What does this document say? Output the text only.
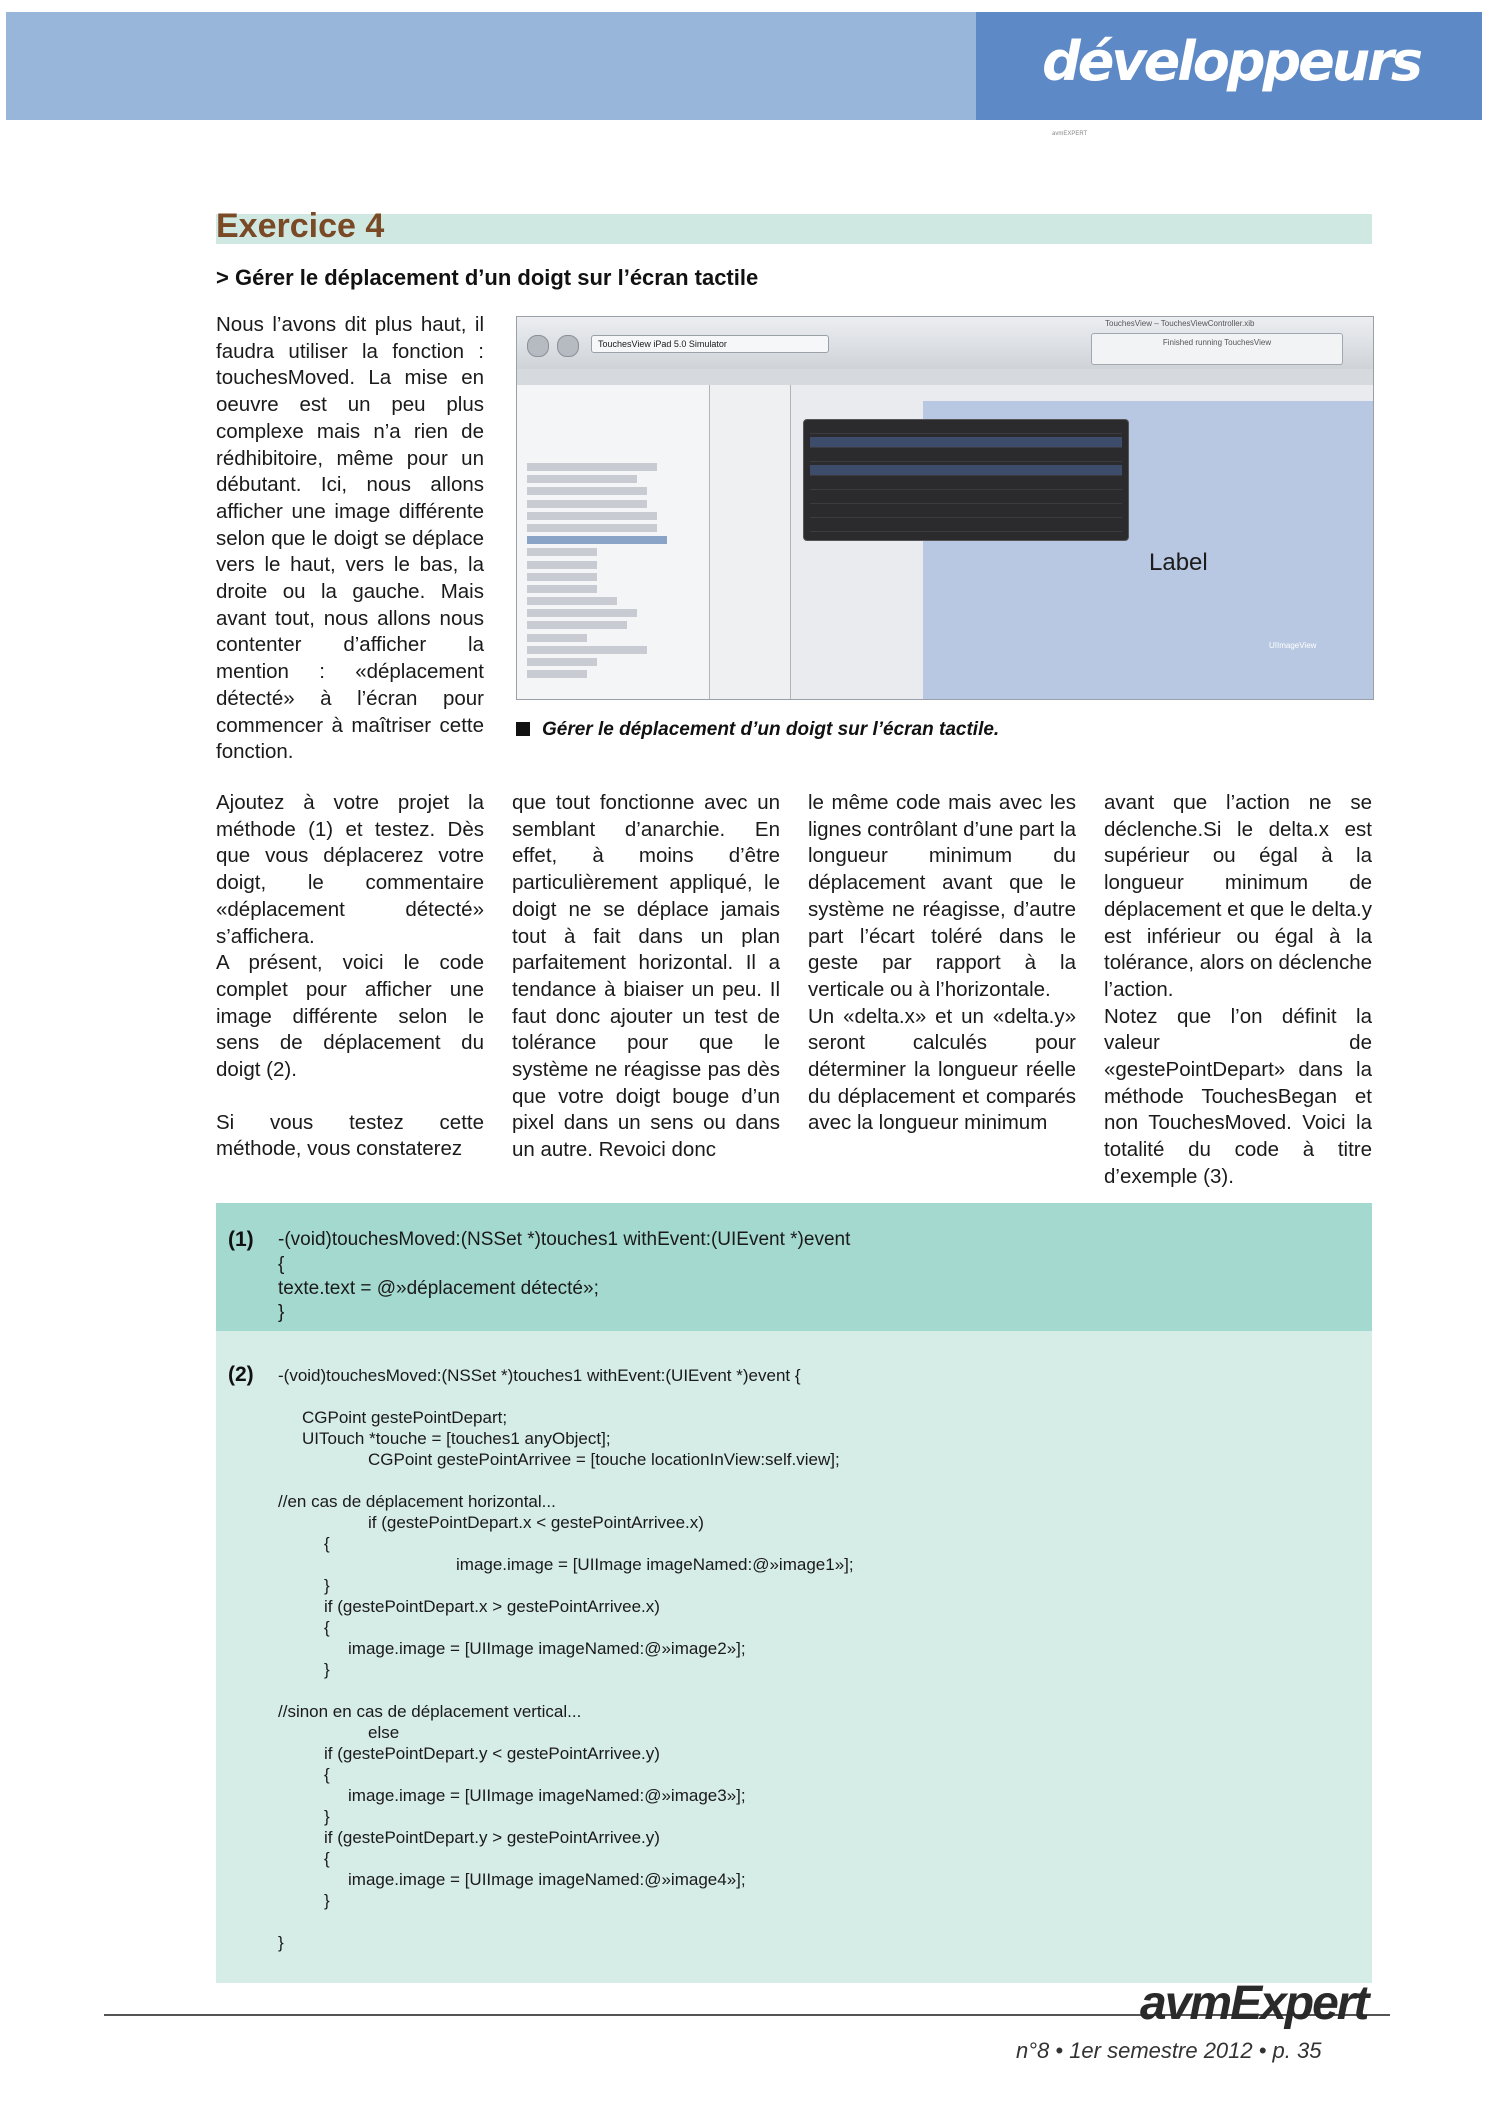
développeurs
avmEXPERT
Exercice 4
> Gérer le déplacement d’un doigt sur l’écran tactile
Nous l’avons dit plus haut, il faudra utiliser la fonction : touchesMoved. La mise en oeuvre est un peu plus complexe mais n’a rien de rédhibitoire, même pour un débutant. Ici, nous allons afficher une image différente selon que le doigt se déplace vers le haut, vers le bas, la droite ou la gauche. Mais avant tout, nous allons nous contenter d’afficher la mention : «déplacement détecté» à l’écran pour commencer à maîtriser cette fonction.
TouchesView iPad 5.0 Simulator	Finished running TouchesView
TouchesView – TouchesViewController.xib
Label
UIImageView
Gérer le déplacement d’un doigt sur l’écran tactile.

Ajoutez à votre projet la méthode (1) et testez. Dès que vous déplacerez votre doigt, le commentaire «déplacement détecté» s’affichera.

A présent, voici le code complet pour afficher une image différente selon le sens de déplacement du doigt (2).

Si vous testez cette méthode, vous constaterez

que tout fonctionne avec un semblant d’anarchie. En effet, à moins d’être particulièrement appliqué, le doigt ne se déplace jamais tout à fait dans un plan parfaitement horizontal. Il a tendance à biaiser un peu. Il faut donc ajouter un test de tolérance pour que le système ne réagisse pas dès que votre doigt bouge d’un pixel dans un sens ou dans un autre. Revoici donc

le même code mais avec les lignes contrôlant d’une part la longueur minimum du déplacement avant que le système ne réagisse, d’autre part l’écart toléré dans le geste par rapport à la verticale ou à l’horizontale.

Un «delta.x» et un «delta.y» seront calculés pour déterminer la longueur réelle du déplacement et comparés avec la longueur minimum

avant que l’action ne se déclenche.Si le delta.x est supérieur ou égal à la longueur minimum de déplacement et que le delta.y est inférieur ou égal à la tolérance, alors on déclenche l’action.

Notez que l’on définit la valeur de «gestePointDepart» dans la méthode TouchesBegan et non TouchesMoved. Voici la totalité du code à titre d’exemple (3).

(1) -(void)touchesMoved:(NSSet *)touches1 withEvent:(UIEvent *)event
{
texte.text = @»déplacement détecté»;
}
(2) -(void)touchesMoved:(NSSet *)touches1 withEvent:(UIEvent *)event {
CGPoint gestePointDepart;
UITouch *touche = [touches1 anyObject];
CGPoint gestePointArrivee = [touche locationInView:self.view];
//en cas de déplacement horizontal...
if (gestePointDepart.x < gestePointArrivee.x)
{
image.image = [UIImage imageNamed:@»image1»];
}
if (gestePointDepart.x > gestePointArrivee.x)
{
image.image = [UIImage imageNamed:@»image2»];
}
//sinon en cas de déplacement vertical...
else
if (gestePointDepart.y < gestePointArrivee.y)
{
image.image = [UIImage imageNamed:@»image3»];
}
if (gestePointDepart.y > gestePointArrivee.y)
{
image.image = [UIImage imageNamed:@»image4»];
}
}
avmExpert
n°8 • 1er semestre 2012 • p. 35
